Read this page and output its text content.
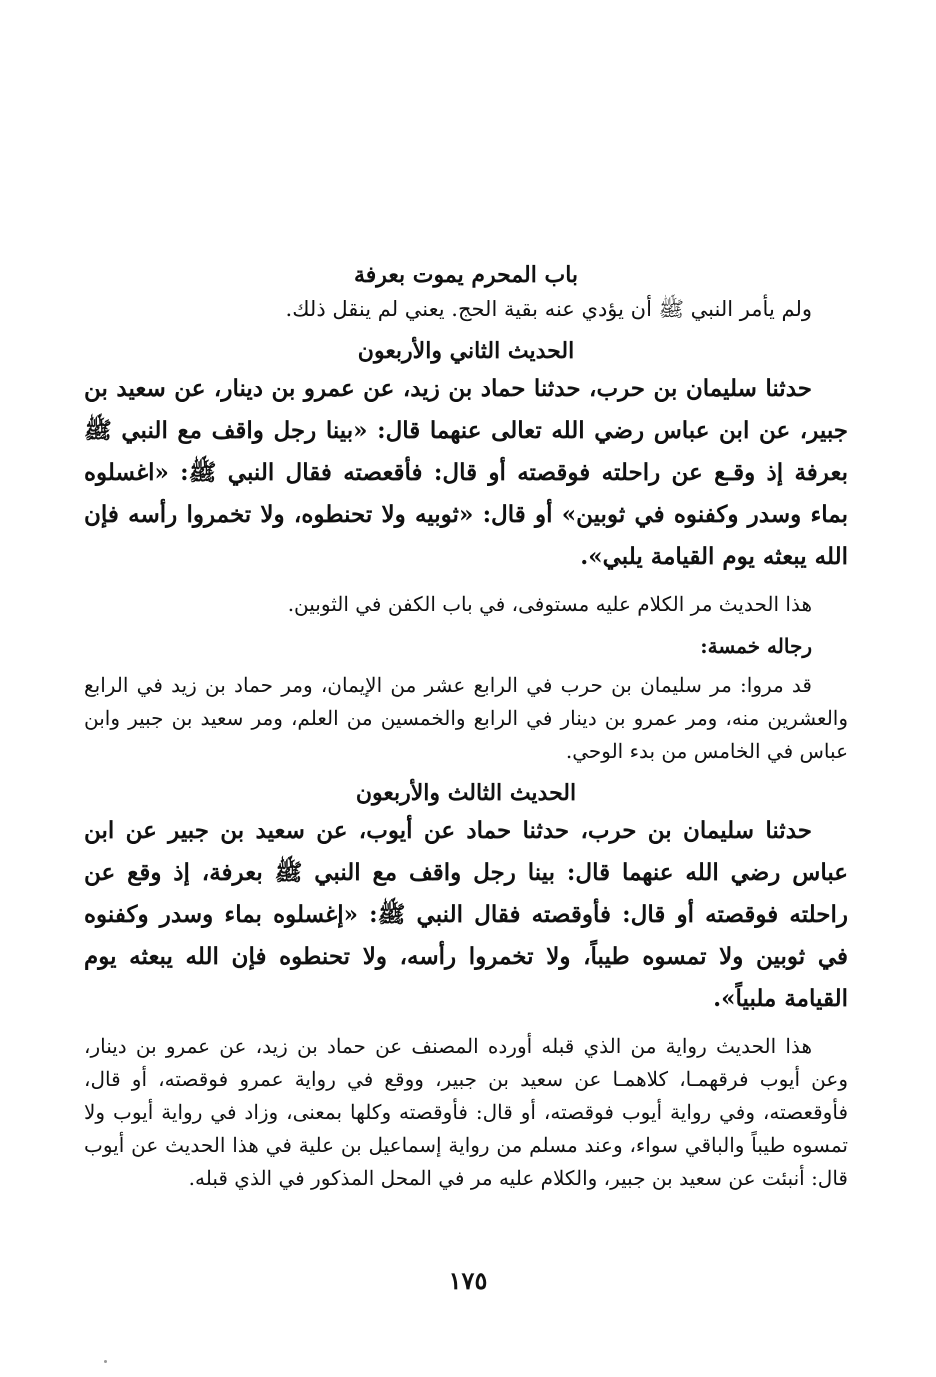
باب المحرم يموت بعرفة

ولم يأمر النبي ﷺ أن يؤدي عنه بقية الحج. يعني لم ينقل ذلك.

الحديث الثاني والأربعون

حدثنا سليمان بن حرب، حدثنا حماد بن زيد، عن عمرو بن دينار، عن سعيد بن جبير، عن ابن عباس رضي الله تعالى عنهما قال: «بينا رجل واقف مع النبي ﷺ بعرفة إذ وقـع عن راحلته فوقصته أو قال: فأقعصته فقال النبي ﷺ: «اغسلوه بماء وسدر وكفنوه في ثوبين» أو قال: «ثوبيه ولا تحنطوه، ولا تخمروا رأسه فإن الله يبعثه يوم القيامة يلبي».

هذا الحديث مر الكلام عليه مستوفى، في باب الكفن في الثوبين.

رجاله خمسة:

قد مروا: مر سليمان بن حرب في الرابع عشر من الإيمان، ومر حماد بن زيد في الرابع والعشرين منه، ومر عمرو بن دينار في الرابع والخمسين من العلم، ومر سعيد بن جبير وابن عباس في الخامس من بدء الوحي.

الحديث الثالث والأربعون

حدثنا سليمان بن حرب، حدثنا حماد عن أيوب، عن سعيد بن جبير عن ابن عباس رضي الله عنهما قال: بينا رجل واقف مع النبي ﷺ بعرفة، إذ وقع عن راحلته فوقصته أو قال: فأوقصته فقال النبي ﷺ: «إغسلوه بماء وسدر وكفنوه في ثوبين ولا تمسوه طيباً، ولا تخمروا رأسه، ولا تحنطوه فإن الله يبعثه يوم القيامة ملبياً».

هذا الحديث رواية من الذي قبله أورده المصنف عن حماد بن زيد، عن عمرو بن دينار، وعن أيوب فرقهمـا، كلاهمـا عن سعيد بن جبير، ووقع في رواية عمرو فوقصته، أو قال، فأوقعصته، وفي رواية أيوب فوقصته، أو قال: فأوقصته وكلها بمعنى، وزاد في رواية أيوب ولا تمسوه طيباً والباقي سواء، وعند مسلم من رواية إسماعيل بن علية في هذا الحديث عن أيوب قال: أنبئت عن سعيد بن جبير، والكلام عليه مر في المحل المذكور في الذي قبله.

١٧٥
